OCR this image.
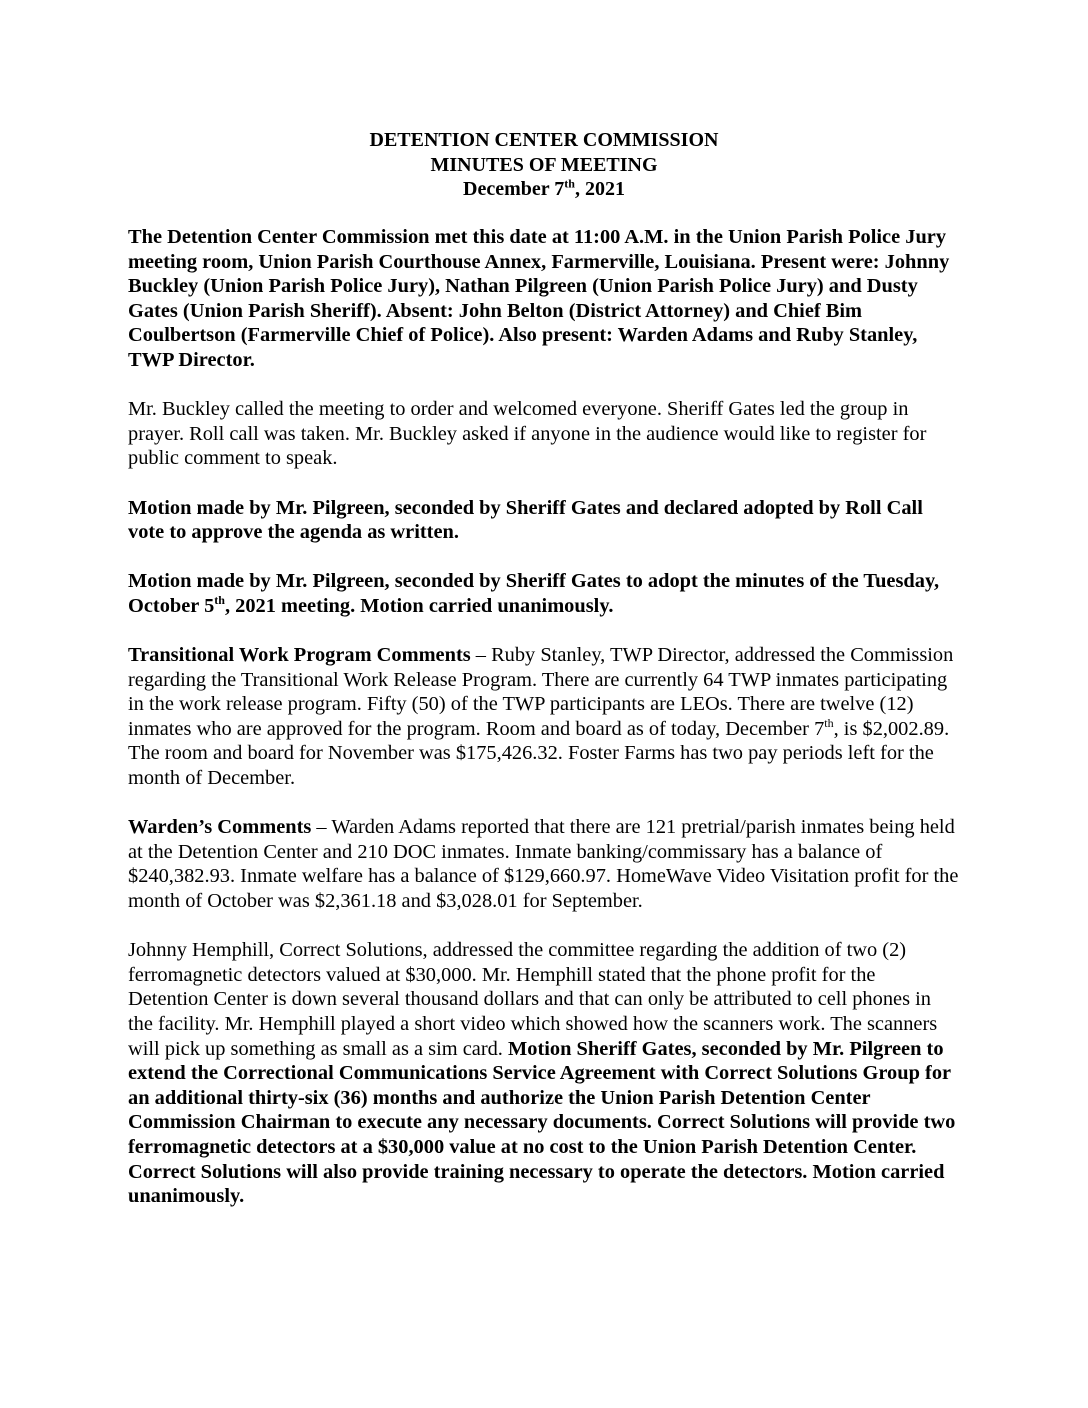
DETENTION CENTER COMMISSION
MINUTES OF MEETING
December 7th, 2021

The Detention Center Commission met this date at 11:00 A.M. in the Union Parish Police Jury meeting room, Union Parish Courthouse Annex, Farmerville, Louisiana. Present were: Johnny Buckley (Union Parish Police Jury), Nathan Pilgreen (Union Parish Police Jury) and Dusty Gates (Union Parish Sheriff). Absent: John Belton (District Attorney) and Chief Bim Coulbertson (Farmerville Chief of Police). Also present: Warden Adams and Ruby Stanley, TWP Director.

Mr. Buckley called the meeting to order and welcomed everyone. Sheriff Gates led the group in prayer. Roll call was taken. Mr. Buckley asked if anyone in the audience would like to register for public comment to speak.

Motion made by Mr. Pilgreen, seconded by Sheriff Gates and declared adopted by Roll Call vote to approve the agenda as written.

Motion made by Mr. Pilgreen, seconded by Sheriff Gates to adopt the minutes of the Tuesday, October 5th, 2021 meeting. Motion carried unanimously.

Transitional Work Program Comments – Ruby Stanley, TWP Director, addressed the Commission regarding the Transitional Work Release Program. There are currently 64 TWP inmates participating in the work release program. Fifty (50) of the TWP participants are LEOs. There are twelve (12) inmates who are approved for the program. Room and board as of today, December 7th, is $2,002.89. The room and board for November was $175,426.32. Foster Farms has two pay periods left for the month of December.

Warden’s Comments – Warden Adams reported that there are 121 pretrial/parish inmates being held at the Detention Center and 210 DOC inmates. Inmate banking/commissary has a balance of $240,382.93. Inmate welfare has a balance of $129,660.97. HomeWave Video Visitation profit for the month of October was $2,361.18 and $3,028.01 for September.

Johnny Hemphill, Correct Solutions, addressed the committee regarding the addition of two (2) ferromagnetic detectors valued at $30,000. Mr. Hemphill stated that the phone profit for the Detention Center is down several thousand dollars and that can only be attributed to cell phones in the facility. Mr. Hemphill played a short video which showed how the scanners work. The scanners will pick up something as small as a sim card. Motion Sheriff Gates, seconded by Mr. Pilgreen to extend the Correctional Communications Service Agreement with Correct Solutions Group for an additional thirty-six (36) months and authorize the Union Parish Detention Center Commission Chairman to execute any necessary documents. Correct Solutions will provide two ferromagnetic detectors at a $30,000 value at no cost to the Union Parish Detention Center. Correct Solutions will also provide training necessary to operate the detectors. Motion carried unanimously.
